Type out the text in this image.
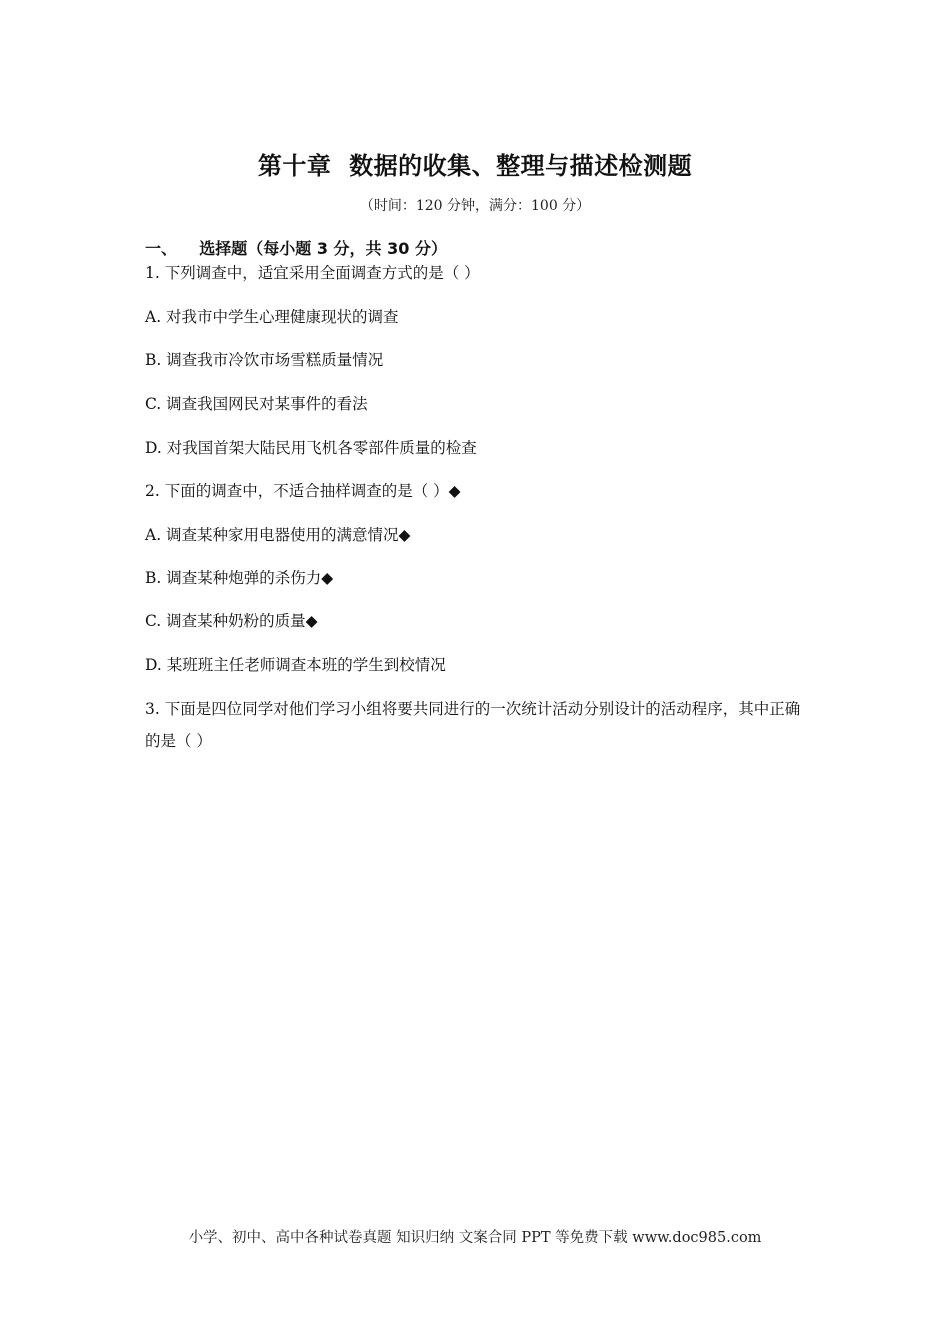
第十章  数据的收集、整理与描述检测题
（时间：120 分钟，满分：100 分）
一、    选择题（每小题 3 分，共 30 分）
1. 下列调查中，适宜采用全面调查方式的是（ ）
A. 对我市中学生心理健康现状的调查
B. 调查我市冷饮市场雪糕质量情况
C. 调查我国网民对某事件的看法
D. 对我国首架大陆民用飞机各零部件质量的检查
2. 下面的调查中，不适合抽样调查的是（ ）◆
A. 调查某种家用电器使用的满意情况◆
B. 调查某种炮弹的杀伤力◆
C. 调查某种奶粉的质量◆
D. 某班班主任老师调查本班的学生到校情况
3. 下面是四位同学对他们学习小组将要共同进行的一次统计活动分别设计的活动程序，其中正确的是（ ）
小学、初中、高中各种试卷真题 知识归纳 文案合同 PPT 等免费下载 www.doc985.com
